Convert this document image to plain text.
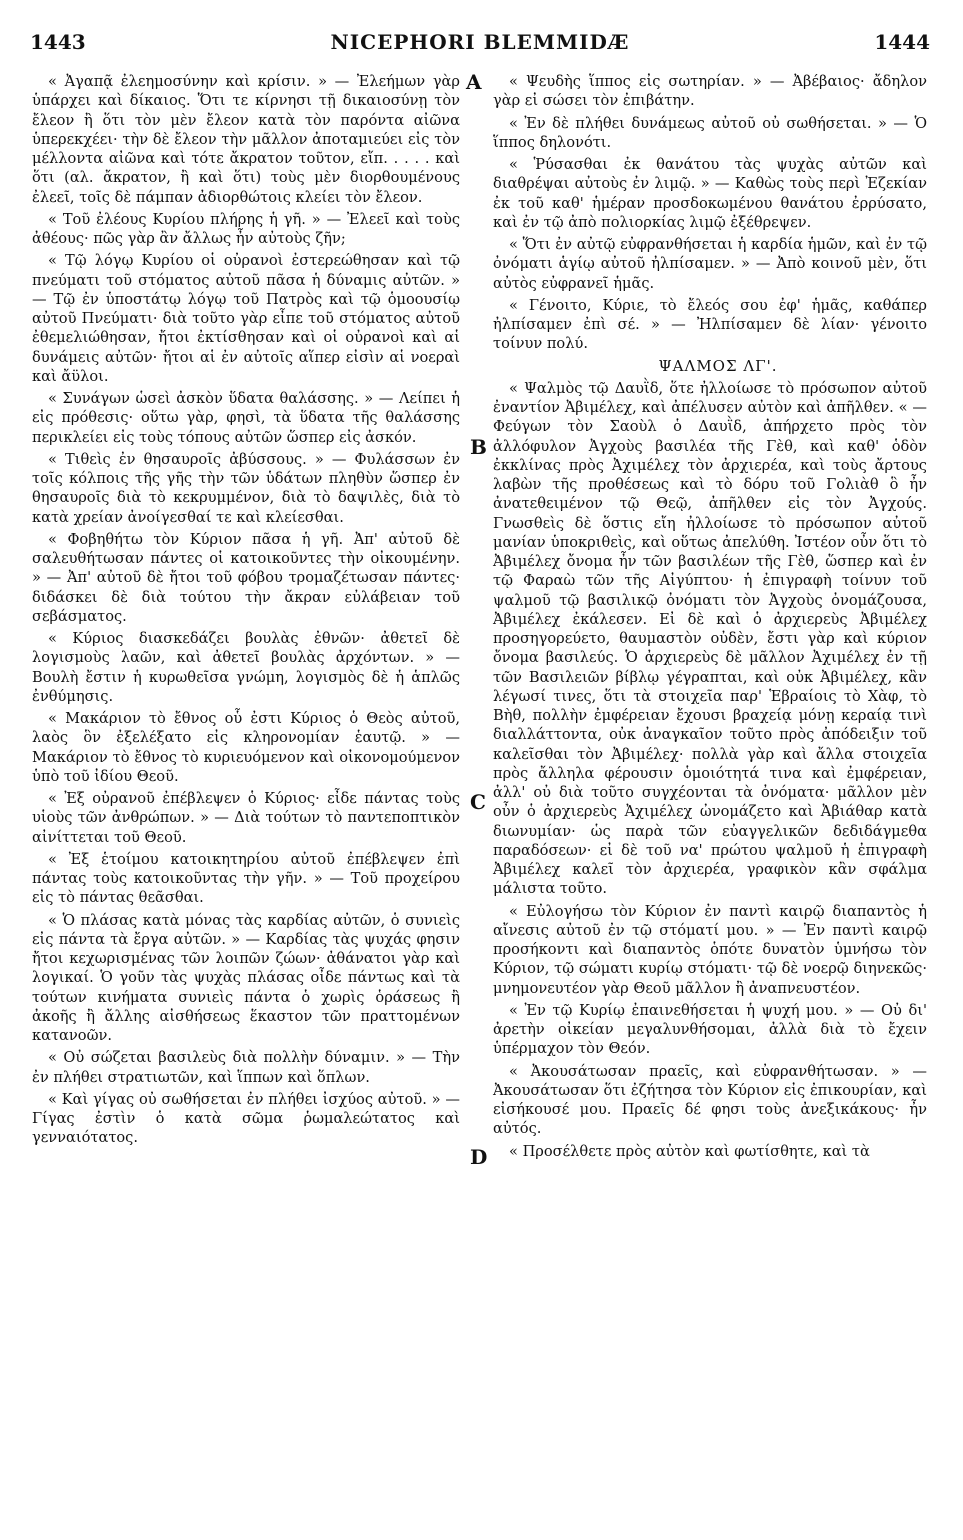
1443	NICEPHORI BLEMMIDÆ	1444
A
B
C
D

« Ἀγαπᾷ ἐλεημοσύνην καὶ κρίσιν. » — Ἐλεήμων γὰρ ὑπάρχει καὶ δίκαιος. Ὅτι τε κίρνησι τῇ δικαιοσύνῃ τὸν ἔλεον ἢ ὅτι τὸν μὲν ἔλεον κατὰ τὸν παρόντα αἰῶνα ὑπερεκχέει· τὴν δὲ ἔλεον τὴν μᾶλλον ἀποταμιεύει εἰς τὸν μέλλοντα αἰῶνα καὶ τότε ἄκρατον τοῦτον, εἴπ. . . . . καὶ ὅτι (αλ. ἄκρατον, ἢ καὶ ὅτι) τοὺς μὲν διορθουμένους ἐλεεῖ, τοῖς δὲ πάμπαν ἀδιορθώτοις κλείει τὸν ἔλεον.

« Τοῦ ἐλέους Κυρίου πλήρης ἡ γῆ. » — Ἐλεεῖ καὶ τοὺς ἀθέους· πῶς γὰρ ἂν ἄλλως ἦν αὐτοὺς ζῆν;

« Τῷ λόγῳ Κυρίου οἱ οὐρανοὶ ἐστερεώθησαν καὶ τῷ πνεύματι τοῦ στόματος αὐτοῦ πᾶσα ἡ δύναμις αὐτῶν. » — Τῷ ἐν ὑποστάτῳ λόγῳ τοῦ Πατρὸς καὶ τῷ ὁμοουσίῳ αὐτοῦ Πνεύματι· διὰ τοῦτο γὰρ εἶπε τοῦ στόματος αὐτοῦ ἐθεμελιώθησαν, ἤτοι ἐκτίσθησαν καὶ οἱ οὐρανοὶ καὶ αἱ δυνάμεις αὐτῶν· ἤτοι αἱ ἐν αὐτοῖς αἵπερ εἰσὶν αἱ νοεραὶ καὶ ἄϋλοι.

« Συνάγων ὡσεὶ ἀσκὸν ὕδατα θαλάσσης. » — Λείπει ἡ εἰς πρόθεσις· οὕτω γὰρ, φησὶ, τὰ ὕδατα τῆς θαλάσσης περικλείει εἰς τοὺς τόπους αὐτῶν ὥσπερ εἰς ἀσκόν.

« Τιθεὶς ἐν θησαυροῖς ἀβύσσους. » — Φυλάσσων ἐν τοῖς κόλποις τῆς γῆς τὴν τῶν ὑδάτων πληθὺν ὥσπερ ἐν θησαυροῖς διὰ τὸ κεκρυμμένον, διὰ τὸ δαψιλὲς, διὰ τὸ κατὰ χρείαν ἀνοίγεσθαί τε καὶ κλείεσθαι.

« Φοβηθήτω τὸν Κύριον πᾶσα ἡ γῆ. Ἀπ' αὐτοῦ δὲ σαλευθήτωσαν πάντες οἱ κατοικοῦντες τὴν οἰκουμένην. » — Ἀπ' αὐτοῦ δὲ ἤτοι τοῦ φόβου τρομαζέτωσαν πάντες· διδάσκει δὲ διὰ τούτου τὴν ἄκραν εὐλάβειαν τοῦ σεβάσματος.

« Κύριος διασκεδάζει βουλὰς ἐθνῶν· ἀθετεῖ δὲ λογισμοὺς λαῶν, καὶ ἀθετεῖ βουλὰς ἀρχόντων. » — Βουλὴ ἔστιν ἡ κυρωθεῖσα γνώμη, λογισμὸς δὲ ἡ ἁπλῶς ἐνθύμησις.

« Μακάριον τὸ ἔθνος οὗ ἐστι Κύριος ὁ Θεὸς αὐτοῦ, λαὸς ὃν ἐξελέξατο εἰς κληρονομίαν ἑαυτῷ. » — Μακάριον τὸ ἔθνος τὸ κυριευόμενον καὶ οἰκονομούμενον ὑπὸ τοῦ ἰδίου Θεοῦ.

« Ἐξ οὐρανοῦ ἐπέβλεψεν ὁ Κύριος· εἶδε πάντας τοὺς υἱοὺς τῶν ἀνθρώπων. » — Διὰ τούτων τὸ παντεποπτικὸν αἰνίττεται τοῦ Θεοῦ.

« Ἐξ ἑτοίμου κατοικητηρίου αὐτοῦ ἐπέβλεψεν ἐπὶ πάντας τοὺς κατοικοῦντας τὴν γῆν. » — Τοῦ προχείρου εἰς τὸ πάντας θεᾶσθαι.

« Ὁ πλάσας κατὰ μόνας τὰς καρδίας αὐτῶν, ὁ συνιεὶς εἰς πάντα τὰ ἔργα αὐτῶν. » — Καρδίας τὰς ψυχάς φησιν ἤτοι κεχωρισμένας τῶν λοιπῶν ζώων· ἀθάνατοι γὰρ καὶ λογικαί. Ὁ γοῦν τὰς ψυχὰς πλάσας οἶδε πάντως καὶ τὰ τούτων κινήματα συνιεὶς πάντα ὁ χωρὶς ὁράσεως ἢ ἀκοῆς ἢ ἄλλης αἰσθήσεως ἕκαστον τῶν πραττομένων κατανοῶν.

« Οὐ σώζεται βασιλεὺς διὰ πολλὴν δύναμιν. » — Τὴν ἐν πλήθει στρατιωτῶν, καὶ ἵππων καὶ ὅπλων.

« Καὶ γίγας οὐ σωθήσεται ἐν πλήθει ἰσχύος αὐτοῦ. » — Γίγας ἐστὶν ὁ κατὰ σῶμα ῥωμαλεώτατος καὶ γενναιότατος.

« Ψευδὴς ἵππος εἰς σωτηρίαν. » — Ἀβέβαιος· ἄδηλον γὰρ εἰ σώσει τὸν ἐπιβάτην.

« Ἐν δὲ πλήθει δυνάμεως αὐτοῦ οὐ σωθήσεται. » — Ὁ ἵππος δηλονότι.

« Ῥύσασθαι ἐκ θανάτου τὰς ψυχὰς αὐτῶν καὶ διαθρέψαι αὐτοὺς ἐν λιμῷ. » — Καθὼς τοὺς περὶ Ἐζεκίαν ἐκ τοῦ καθ' ἡμέραν προσδοκωμένου θανάτου ἐρρύσατο, καὶ ἐν τῷ ἀπὸ πολιορκίας λιμῷ ἐξέθρεψεν.

« Ὅτι ἐν αὐτῷ εὐφρανθήσεται ἡ καρδία ἡμῶν, καὶ ἐν τῷ ὀνόματι ἁγίῳ αὐτοῦ ἠλπίσαμεν. » — Ἀπὸ κοινοῦ μὲν, ὅτι αὐτὸς εὐφρανεῖ ἡμᾶς.

« Γένοιτο, Κύριε, τὸ ἔλεός σου ἐφ' ἡμᾶς, καθάπερ ἠλπίσαμεν ἐπὶ σέ. » — Ἠλπίσαμεν δὲ λίαν· γένοιτο τοίνυν πολύ.

ΨΑΛΜΟΣ ΛΓ'.

« Ψαλμὸς τῷ Δαυῒδ, ὅτε ἠλλοίωσε τὸ πρόσωπον αὐτοῦ ἐναντίον Ἀβιμέλεχ, καὶ ἀπέλυσεν αὐτὸν καὶ ἀπῆλθεν. « — Φεύγων τὸν Σαοὺλ ὁ Δαυῒδ, ἀπήρχετο πρὸς τὸν ἀλλόφυλον Ἀγχοὺς βασιλέα τῆς Γὲθ, καὶ καθ' ὁδὸν ἐκκλίνας πρὸς Ἀχιμέλεχ τὸν ἀρχιερέα, καὶ τοὺς ἄρτους λαβὼν τῆς προθέσεως καὶ τὸ δόρυ τοῦ Γολιὰθ ὃ ἦν ἀνατεθειμένον τῷ Θεῷ, ἀπῆλθεν εἰς τὸν Ἀγχούς. Γνωσθεὶς δὲ ὅστις εἴη ἠλλοίωσε τὸ πρόσωπον αὐτοῦ μανίαν ὑποκριθεὶς, καὶ οὕτως ἀπελύθη. Ἰστέον οὖν ὅτι τὸ Ἀβιμέλεχ ὄνομα ἦν τῶν βασιλέων τῆς Γὲθ, ὥσπερ καὶ ἐν τῷ Φαραὼ τῶν τῆς Αἰγύπτου· ἡ ἐπιγραφὴ τοίνυν τοῦ ψαλμοῦ τῷ βασιλικῷ ὀνόματι τὸν Ἀγχοὺς ὀνομάζουσα, Ἀβιμέλεχ ἐκάλεσεν. Εἰ δὲ καὶ ὁ ἀρχιερεὺς Ἀβιμέλεχ προσηγορεύετο, θαυμαστὸν οὐδὲν, ἔστι γὰρ καὶ κύριον ὄνομα βασιλεύς. Ὁ ἀρχιερεὺς δὲ μᾶλλον Ἀχιμέλεχ ἐν τῇ τῶν Βασιλειῶν βίβλῳ γέγραπται, καὶ οὐκ Ἀβιμέλεχ, κἂν λέγωσί τινες, ὅτι τὰ στοιχεῖα παρ' Ἑβραίοις τὸ Χὰφ, τὸ Βὴθ, πολλὴν ἐμφέρειαν ἔχουσι βραχείᾳ μόνῃ κεραίᾳ τινὶ διαλλάττοντα, οὐκ ἀναγκαῖον τοῦτο πρὸς ἀπόδειξιν τοῦ καλεῖσθαι τὸν Ἀβιμέλεχ· πολλὰ γὰρ καὶ ἄλλα στοιχεῖα πρὸς ἄλληλα φέρουσιν ὁμοιότητά τινα καὶ ἐμφέρειαν, ἀλλ' οὐ διὰ τοῦτο συγχέονται τὰ ὀνόματα· μᾶλλον μὲν οὖν ὁ ἀρχιερεὺς Ἀχιμέλεχ ὠνομάζετο καὶ Ἀβιάθαρ κατὰ διωνυμίαν· ὡς παρὰ τῶν εὐαγγελικῶν δεδιδάγμεθα παραδόσεων· εἰ δὲ τοῦ να' πρώτου ψαλμοῦ ἡ ἐπιγραφὴ Ἀβιμέλεχ καλεῖ τὸν ἀρχιερέα, γραφικὸν κἂν σφάλμα μάλιστα τοῦτο.

« Εὐλογήσω τὸν Κύριον ἐν παντὶ καιρῷ διαπαντὸς ἡ αἴνεσις αὐτοῦ ἐν τῷ στόματί μου. » — Ἐν παντὶ καιρῷ προσήκοντι καὶ διαπαντὸς ὁπότε δυνατὸν ὑμνήσω τὸν Κύριον, τῷ σώματι κυρίῳ στόματι· τῷ δὲ νοερῷ διηνεκῶς· μνημονευτέον γὰρ Θεοῦ μᾶλλον ἢ ἀναπνευστέον.

« Ἐν τῷ Κυρίῳ ἐπαινεθήσεται ἡ ψυχή μου. » — Οὐ δι' ἀρετὴν οἰκείαν μεγαλυνθήσομαι, ἀλλὰ διὰ τὸ ἔχειν ὑπέρμαχον τὸν Θεόν.

« Ἀκουσάτωσαν πραεῖς, καὶ εὐφρανθήτωσαν. » — Ἀκουσάτωσαν ὅτι ἐζήτησα τὸν Κύριον εἰς ἐπικουρίαν, καὶ εἰσήκουσέ μου. Πραεῖς δέ φησι τοὺς ἀνεξικάκους· ἦν αὐτός.

« Προσέλθετε πρὸς αὐτὸν καὶ φωτίσθητε, καὶ τὰ
